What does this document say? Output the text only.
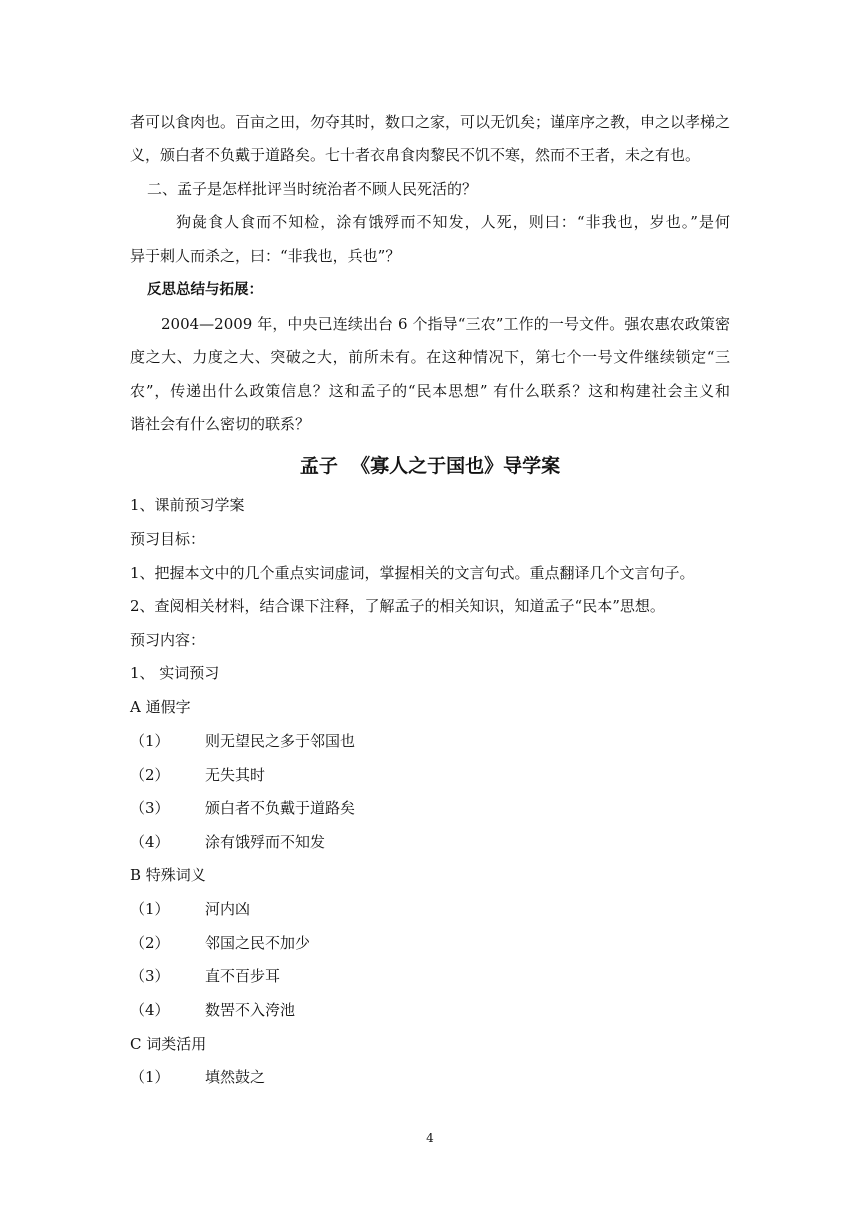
者可以食肉也。百亩之田，勿夺其时，数口之家，可以无饥矣；谨庠序之教，申之以孝梯之
义，颁白者不负戴于道路矣。七十者衣帛食肉黎民不饥不寒，然而不王者，未之有也。
二、孟子是怎样批评当时统治者不顾人民死活的？
狗彘食人食而不知检，涂有饿殍而不知发，人死，则曰：“非我也，岁也。”是何
异于刺人而杀之，曰：“非我也，兵也”？
反思总结与拓展：
2004—2009 年，中央已连续出台 6 个指导“三农”工作的一号文件。强农惠农政策密
度之大、力度之大、突破之大，前所未有。在这种情况下，第七个一号文件继续锁定“三
农”，传递出什么政策信息？这和孟子的“民本思想” 有什么联系？这和构建社会主义和
谐社会有什么密切的联系？
孟子  《寡人之于国也》导学案
1、课前预习学案
预习目标：
1、把握本文中的几个重点实词虚词，掌握相关的文言句式。重点翻译几个文言句子。
2、查阅相关材料，结合课下注释，了解孟子的相关知识，知道孟子“民本”思想。
预习内容：
1、 实词预习
A 通假字
（1） 则无望民之多于邻国也
（2） 无失其时
（3） 颁白者不负戴于道路矣
（4） 涂有饿殍而不知发
B 特殊词义
（1） 河内凶
（2） 邻国之民不加少
（3） 直不百步耳
（4） 数罟不入洿池
C 词类活用
（1） 填然鼓之
4
